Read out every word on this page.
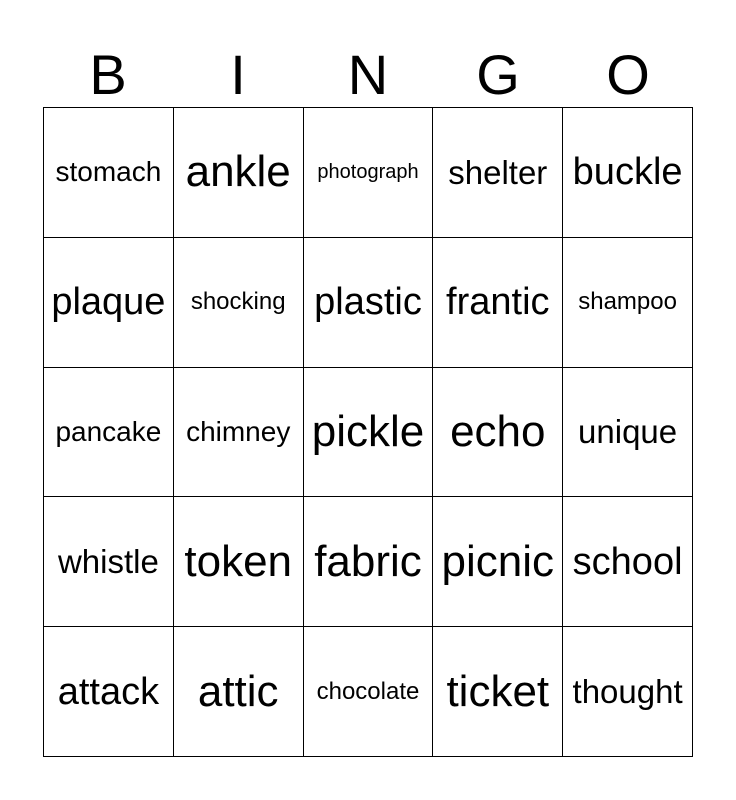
B	I	N	G	O
stomach ankle photograph shelter buckle
plaque shocking plastic frantic shampoo
pancake chimney pickle echo unique
whistle token fabric picnic school
attack attic chocolate ticket thought
